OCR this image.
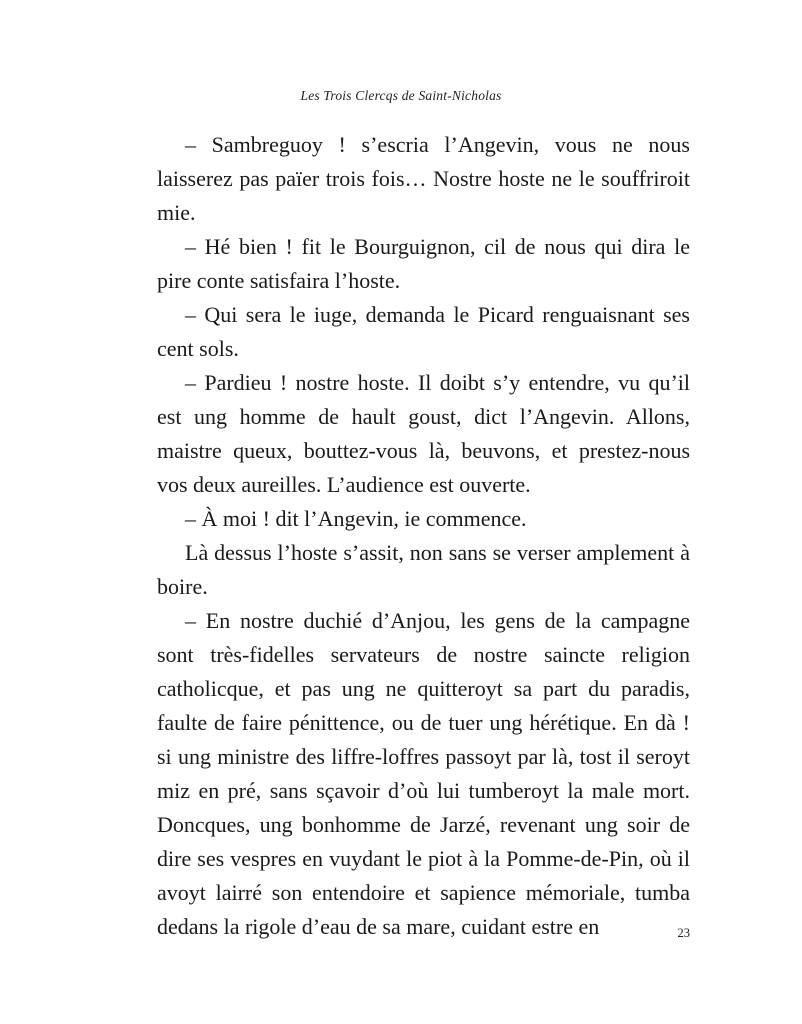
Les Trois Clercqs de Saint-Nicholas

– Sambreguoy ! s’escria l’Angevin, vous ne nous laisserez pas païer trois fois… Nostre hoste ne le souffriroit mie.

– Hé bien ! fit le Bourguignon, cil de nous qui dira le pire conte satisfaira l’hoste.

– Qui sera le iuge, demanda le Picard renguaisnant ses cent sols.

– Pardieu ! nostre hoste. Il doibt s’y entendre, vu qu’il est ung homme de hault goust, dict l’Angevin. Allons, maistre queux, bouttez-vous là, beuvons, et prestez-nous vos deux aureilles. L’audience est ouverte.

– À moi ! dit l’Angevin, ie commence.

Là dessus l’hoste s’assit, non sans se verser amplement à boire.

– En nostre duchié d’Anjou, les gens de la campagne sont très-fidelles servateurs de nostre saincte religion catholicque, et pas ung ne quitteroyt sa part du paradis, faulte de faire pénittence, ou de tuer ung hérétique. En dà ! si ung ministre des liffre-loffres passoyt par là, tost il seroyt miz en pré, sans sçavoir d’où lui tumberoyt la male mort. Doncques, ung bonhomme de Jarzé, revenant ung soir de dire ses vespres en vuydant le piot à la Pomme-de-Pin, où il avoyt lairré son entendoire et sapience mémoriale, tumba dedans la rigole d’eau de sa mare, cuidant estre en	23
